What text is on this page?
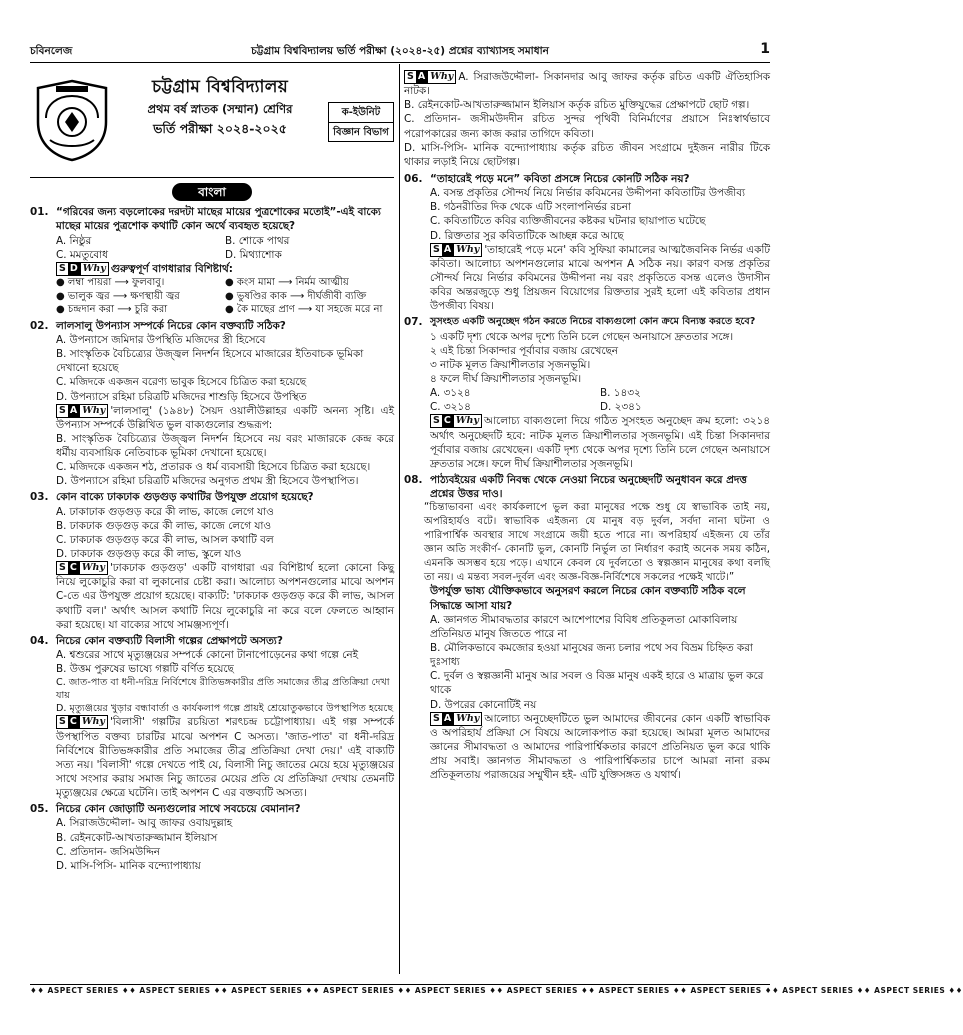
চবিনলেজ	চট্টগ্রাম বিশ্ববিদ্যালয় ভর্তি পরীক্ষা (২০২৪-২৫) প্রশ্নের ব্যাখ্যাসহ সমাধান	1
চট্টগ্রাম বিশ্ববিদ্যালয়
প্রথম বর্ষ স্নাতক (সম্মান) শ্রেণির
ভর্তি পরীক্ষা ২০২৪-২০২৫
ক-ইউনিট
বিজ্ঞান বিভাগ
বাংলা
01. “গরিবের জন্য বড়লোকের দরদটা মাছের মায়ের পুত্রশোকের মতোই”-এই বাক্যে মাছের মায়ের পুত্রশোক কথাটি কোন অর্থে ব্যবহৃত হয়েছে?
A. নিষ্ঠুর	B. শোকে পাথর
C. মমতুবোধ	D. মিথ্যাশোক
S D Why গুরুত্বপূর্ণ বাগধারার বিশিষ্টার্থ:
● লম্বা পায়রা ⟶ ফুলবাবু।	● কংস মামা ⟶ নির্মম আত্মীয়
● ভালুক জ্বর ⟶ ক্ষণস্থায়ী জ্বর	● ভুষণ্ডির কাক ⟶ দীর্ঘজীবী ব্যক্তি
● চন্দ্রদান করা ⟶ চুরি করা	● কৈ মাছের প্রাণ ⟶ যা সহজে মরে না
02. লালসালু উপন্যাস সম্পর্কে নিচের কোন বক্তব্যটি সঠিক?
A. উপন্যাসে জমিদার উপস্থিতি মজিদের স্ত্রী হিসেবে
B. সাংস্কৃতিক বৈচিত্র্যের উজ্জ্বল নিদর্শন হিসেবে মাজারের ইতিবাচক ভূমিকা দেখানো হয়েছে
C. মজিদকে একজন বরেণ্য ভাবুক হিসেবে চিত্রিত করা হয়েছে
D. উপন্যাসে রহিমা চরিত্রটি মজিদের শাশুড়ি হিসেবে উপস্থিত
S A Why 'লালসালু' (১৯৪৮) সৈয়দ ওয়ালীউল্লাহর একটি অনন্য সৃষ্টি। এই উপন্যাস সম্পর্কে উল্লিখিত ভুল বাক্যগুলোর শুদ্ধরূপ:
B. সাংস্কৃতিক বৈচিত্র্যের উজ্জ্বল নিদর্শন হিসেবে নয় বরং মাজারকে কেন্দ্র করে ধর্মীয় ব্যবসায়িক নেতিবাচক ভূমিকা দেখানো হয়েছে।
C. মজিদকে একজন শঠ, প্রতারক ও ধর্ম ব্যবসায়ী হিসেবে চিত্রিত করা হয়েছে।
D. উপন্যাসে রহিমা চরিত্রটি মজিদের অনুগত প্রথম স্ত্রী হিসেবে উপস্থাপিত।
03. কোন বাক্যে ঢাকঢাক গুড়গুড় কথাটির উপযুক্ত প্রয়োগ হয়েছে?
A. ঢাকাঢাক গুড়গুড় করে কী লাভ, কাজে লেগে যাও
B. ঢাকঢাক গুড়গুড় করে কী লাভ, কাজে লেগে যাও
C. ঢাকঢাক গুড়গুড় করে কী লাভ, আসল কথাটি বল
D. ঢাকঢাক গুড়গুড় করে কী লাভ, স্কুলে যাও
S C Why 'ঢাকঢাক গুড়গুড়' একটি বাগধারা এর বিশিষ্টার্থ হলো কোনো কিছু নিয়ে লুকোচুরি করা বা লুকানোর চেষ্টা করা। আলোচ্য অপশনগুলোর মাঝে অপশন C-তে এর উপযুক্ত প্রয়োগ হয়েছে। বাক্যটি: 'ঢাকঢাক গুড়গুড় করে কী লাভ, আসল কথাটি বল।' অর্থাৎ আসল কথাটি নিয়ে লুকোচুরি না করে বলে ফেলতে আহ্বান করা হয়েছে। যা বাক্যের সাথে সামঞ্জস্যপূর্ণ।
04. নিচের কোন বক্তব্যটি বিলাসী গল্পের প্রেক্ষাপটে অসত্য?
A. শ্বশুরের সাথে মৃত্যুঞ্জয়ের সম্পর্কে কোনো টানাপোড়েনের কথা গল্পে নেই
B. উত্তম পুরুষের ভাষ্যে গল্পটি বর্ণিত হয়েছে
C. জাত-পাত বা ধনী-দরিদ্র নির্বিশেষে রীতিভঙ্গকারীর প্রতি সমাজের তীব্র প্রতিক্রিয়া দেখা যায়
D. মৃত্যুঞ্জয়ের খুড়ার বন্ধাবার্তা ও কার্যকলাপ গল্পে প্রায়ই শ্রেয়োতুকভাবে উপস্থাপিত হয়েছে
S C Why 'বিলাসী' গল্পটির রচয়িতা শরৎচন্দ্র চট্টোপাধ্যায়। এই গল্প সম্পর্কে উপস্থাপিত বক্তব্য চারটির মাঝে অপশন C অসত্য। 'জাত-পাত' বা ধনী-দরিদ্র নির্বিশেষে রীতিভঙ্গকারীর প্রতি সমাজের তীব্র প্রতিক্রিয়া দেখা দেয়।' এই বাক্যটি সত্য নয়। 'বিলাসী' গল্পে দেখতে পাই যে, বিলাসী নিচু জাতের মেয়ে হয়ে মৃত্যুঞ্জয়ের সাথে সংসার করায় সমাজ নিচু জাতের মেয়ের প্রতি যে প্রতিক্রিয়া দেখায় তেমনটি মৃত্যুঞ্জয়ের ক্ষেত্রে ঘটেনি। তাই অপশন C এর বক্তব্যটি অসত্য।
05. নিচের কোন জোড়াটি অন্যগুলোর সাথে সবচেয়ে বেমানান?
A. সিরাজউদ্দৌলা- আবু জাফর ওবায়দুল্লাহ
B. রেইনকোট-আখতারুজ্জামান ইলিয়াস
C. প্রতিদান- জসিমউদ্দিন
D. মাসি-পিসি- মানিক বন্দ্যোপাধ্যায়
S A Why A. সিরাজউদ্দৌলা- সিকানদার আবু জাফর কর্তৃক রচিত একটি ঐতিহাসিক নাটক।
B. রেইনকোট-আখতারুজ্জামান ইলিয়াস কর্তৃক রচিত মুক্তিযুদ্ধের প্রেক্ষাপটে ছোট গল্প।
C. প্রতিদান- জসীমউদদীন রচিত সুন্দর পৃথিবী বিনির্মাণের প্রয়াসে নিঃস্বার্থভাবে পরোপকারের জন্য কাজ করার তাগিদে কবিতা।
D. মাসি-পিসি- মানিক বন্দ্যোপাধ্যায় কর্তৃক রচিত জীবন সংগ্রামে দুইজন নারীর টিকে থাকার লড়াই নিয়ে ছোটগল্প।
06. “তাহারেই পড়ে মনে” কবিতা প্রসঙ্গে নিচের কোনটি সঠিক নয়?
A. বসন্ত প্রকৃতির সৌন্দর্য নিয়ে নির্ভার কবিমনের উদ্দীপনা কবিতাটির উপজীব্য
B. গঠনরীতির দিক থেকে এটি সংলাপনির্ভর রচনা
C. কবিতাটিতে কবির ব্যক্তিজীবনের কষ্টকর ঘটনার ছায়াপাত ঘটেছে
D. রিক্ততার সুর কবিতাটিকে আচ্ছন্ন করে আছে
S A Why 'তাহারেই পড়ে মনে' কবি সুফিয়া কামালের আত্মজৈবনিক নির্ভর একটি কবিতা। আলোচ্য অপশনগুলোর মাঝে অপশন A সঠিক নয়। কারণ বসন্ত প্রকৃতির সৌন্দর্য নিয়ে নির্ভার কবিমনের উদ্দীপনা নয় বরং প্রকৃতিতে বসন্ত এলেও উদাসীন কবির অন্তরজুড়ে শুধু প্রিয়জন বিয়োগের রিক্ততার সুরই হলো এই কবিতার প্রধান উপজীব্য বিষয়।
07. সুসংহত একটি অনুচ্ছেদ গঠন করতে নিচের বাক্যগুলো কোন ক্রমে বিন্যস্ত করতে হবে?
১ একটি দৃশ্য থেকে অপর দৃশ্যে তিনি চলে গেছেন অনায়াসে দ্রুততার সঙ্গে।
২ এই চিন্তা সিকান্দার পূর্বাবার বজায় রেখেছেন
৩ নাটক মূলত ক্রিয়াশীলতার সৃজনভূমি।
৪ ফলে দীর্ঘ ক্রিয়াশীলতার সৃজনভূমি।
A. ৩১২৪	B. ১৪৩২
C. ৩২১৪	D. ২৩৪১
S C Why আলোচ্য বাক্যগুলো দিয়ে গঠিত সুসংহত অনুচ্ছেদ ক্রম হলো: ৩২১৪ অর্থাৎ অনুচ্ছেদটি হবে: নাটক মূলত ক্রিয়াশীলতার সৃজনভূমি। এই চিন্তা সিকানদার পূর্বাবার বজায় রেখেছেন। একটি দৃশ্য থেকে অপর দৃশ্যে তিনি চলে গেছেন অনায়াসে দ্রুততার সঙ্গে। ফলে দীর্ঘ ক্রিয়াশীলতার সৃজনভূমি।
08. পাঠ্যবইয়ের একটি নিবন্ধ থেকে নেওয়া নিচের অনুচ্ছেদটি অনুধাবন করে প্রদত্ত প্রশ্নের উত্তর দাও।
“চিন্তাভাবনা এবং কার্যকলাপে ভুল করা মানুষের পক্ষে শুধু যে স্বাভাবিক তাই নয়, অপরিহার্যও বটে। স্বাভাবিক এইজন্য যে মানুষ বড় দুর্বল, সর্বদা নানা ঘটনা ও পারিপার্শ্বিক অবস্থার সাথে সংগ্রামে জয়ী হতে পারে না। অপরিহার্য এইজন্য যে তাঁর জ্ঞান অতি সংকীর্ণ- কোনটি ভুল, কোনটি নির্ভুল তা নির্ধারণ করাই অনেক সময় কঠিন, এমনকি অসম্ভব হয়ে পড়ে। এখানে কেবল যে দুর্বলতো ও স্বল্পজ্ঞান মানুষের কথা বলছি তা নয়। এ মন্তব্য সবল-দুর্বল এবং অজ্ঞ-বিজ্ঞ-নির্বিশেষে সকলের পক্ষেই খাটে।”
উপর্যুক্ত ভাষ্য যৌক্তিকভাবে অনুসরণ করলে নিচের কোন বক্তব্যটি সঠিক বলে সিদ্ধান্তে আসা যায়?
A. জ্ঞানগত সীমাবদ্ধতার কারণে আশেপাশের বিবিধ প্রতিকূলতা মোকাবিলায় প্রতিনিয়ত মানুষ জিততে পারে না
B. মৌলিকভাবে কমজোর হওয়া মানুষের জন্য চলার পথে সব বিভ্রম চিহ্নিত করা দুঃসাধ্য
C. দুর্বল ও স্বল্পজ্ঞানী মানুষ আর সবল ও বিজ্ঞ মানুষ একই হারে ও মাত্রায় ভুল করে থাকে
D. উপরের কোনোটিই নয়
S A Why আলোচ্য অনুচ্ছেদটিতে ভুল আমাদের জীবনের কোন একটি স্বাভাবিক ও অপরিহার্য প্রক্রিয়া সে বিষয়ে আলোকপাত করা হয়েছে। আমরা মূলত আমাদের জ্ঞানের সীমাবদ্ধতা ও আমাদের পারিপার্শ্বিকতার কারণে প্রতিনিয়ত ভুল করে থাকি প্রায় সবাই। জ্ঞানগত সীমাবদ্ধতা ও পারিপার্শ্বিকতার চাপে আমরা নানা রকম প্রতিকূলতায় পরাজয়ের সম্মুখীন হই- এটি যুক্তিসঙ্গত ও যথার্থ।
♦♦ ASPECT SERIES ♦♦ ASPECT SERIES ♦♦ ASPECT SERIES ♦♦ ASPECT SERIES ♦♦ ASPECT SERIES ♦♦ ASPECT SERIES ♦♦ ASPECT SERIES ♦♦ ASPECT SERIES ♦♦ ASPECT SERIES ♦♦ ASPECT SERIES ♦♦
